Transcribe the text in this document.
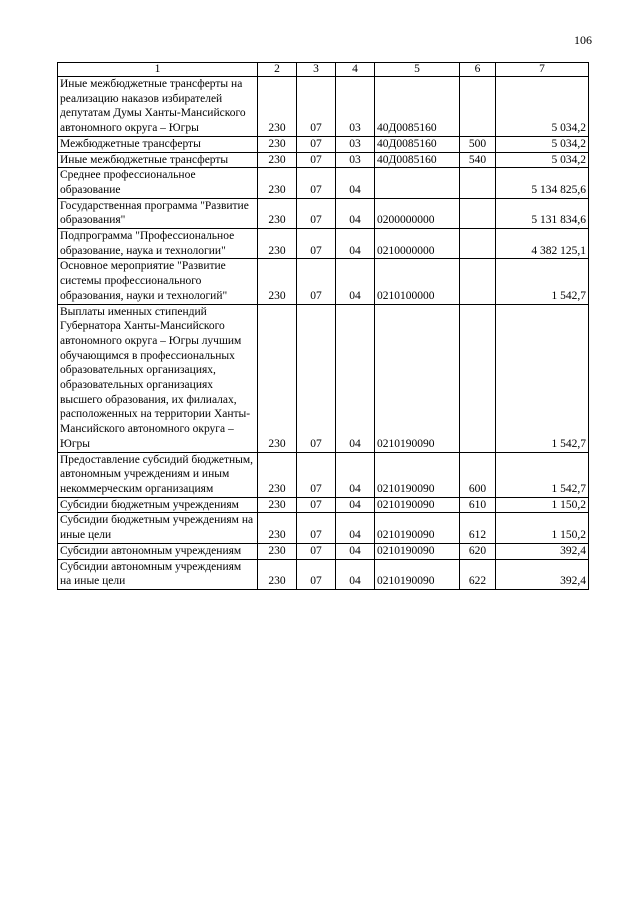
106
1	2	3	4	5	6	7
Иные межбюджетные трансферты на реализацию наказов избирателей депутатам Думы Ханты-Мансийского автономного округа – Югры	230	07	03	40Д0085160		5 034,2
Межбюджетные трансферты	230	07	03	40Д0085160	500	5 034,2
Иные межбюджетные трансферты	230	07	03	40Д0085160	540	5 034,2
Среднее профессиональное образование	230	07	04			5 134 825,6
Государственная программа "Развитие образования"	230	07	04	0200000000		5 131 834,6
Подпрограмма "Профессиональное образование, наука и технологии"	230	07	04	0210000000		4 382 125,1
Основное мероприятие "Развитие системы профессионального образования, науки и технологий"	230	07	04	0210100000		1 542,7
Выплаты именных стипендий Губернатора Ханты-Мансийского автономного округа – Югры лучшим обучающимся в профессиональных образовательных организациях, образовательных организациях высшего образования, их филиалах, расположенных на территории Ханты-Мансийского автономного округа – Югры	230	07	04	0210190090		1 542,7
Предоставление субсидий бюджетным, автономным учреждениям и иным некоммерческим организациям	230	07	04	0210190090	600	1 542,7
Субсидии бюджетным учреждениям	230	07	04	0210190090	610	1 150,2
Субсидии бюджетным учреждениям на иные цели	230	07	04	0210190090	612	1 150,2
Субсидии автономным учреждениям	230	07	04	0210190090	620	392,4
Субсидии автономным учреждениям на иные цели	230	07	04	0210190090	622	392,4
